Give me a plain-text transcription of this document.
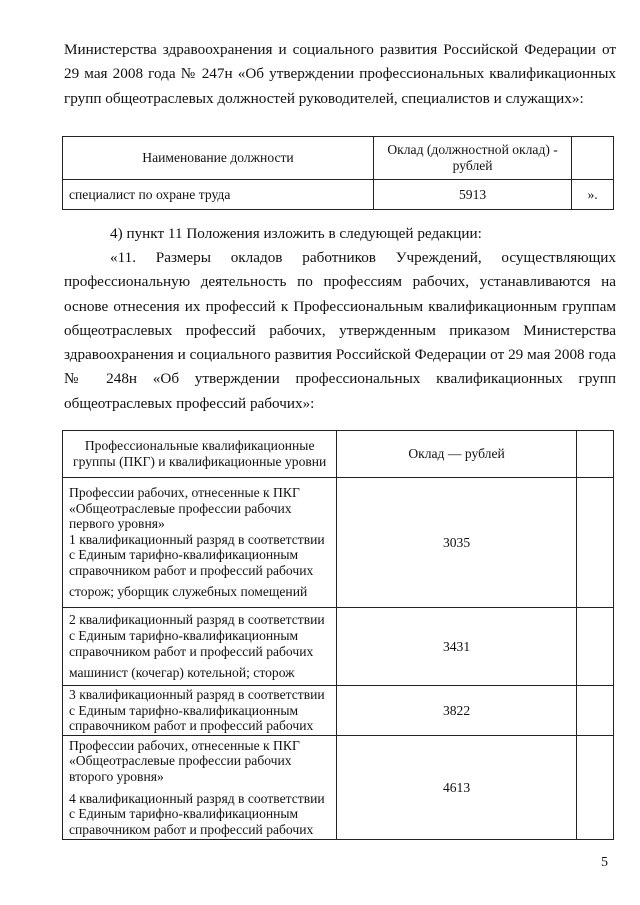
Министерства здравоохранения и социального развития Российской Федерации от 29 мая 2008 года № 247н «Об утверждении профессиональных квалификационных групп общеотраслевых должностей руководителей, специалистов и служащих»:

Наименование должности	Оклад (должностной оклад) - рублей	
специалист по охране труда	5913	».

4) пункт 11 Положения изложить в следующей редакции:

«11. Размеры окладов работников Учреждений, осуществляющих профессиональную деятельность по профессиям рабочих, устанавливаются на основе отнесения их профессий к Профессиональным квалификационным группам общеотраслевых профессий рабочих, утвержденным приказом Министерства здравоохранения и социального развития Российской Федерации от 29 мая 2008 года № 248н «Об утверждении профессиональных квалификационных групп общеотраслевых профессий рабочих»:

Профессиональные квалификационные группы (ПКГ) и квалификационные уровни	Оклад — рублей	

Профессии рабочих, отнесенные к ПКГ «Общеотраслевые профессии рабочих первого уровня»
1 квалификационный разряд в соответствии с Единым тарифно-квалификационным справочником работ и профессий рабочих
сторож; уборщик служебных помещений	3035	

2 квалификационный разряд в соответствии с Единым тарифно-квалификационным справочником работ и профессий рабочих
машинист (кочегар) котельной; сторож	3431	

3 квалификационный разряд в соответствии с Единым тарифно-квалификационным справочником работ и профессий рабочих	3822	

Профессии рабочих, отнесенные к ПКГ «Общеотраслевые профессии рабочих второго уровня»
4 квалификационный разряд в соответствии с Единым тарифно-квалификационным справочником работ и профессий рабочих	4613	
5
